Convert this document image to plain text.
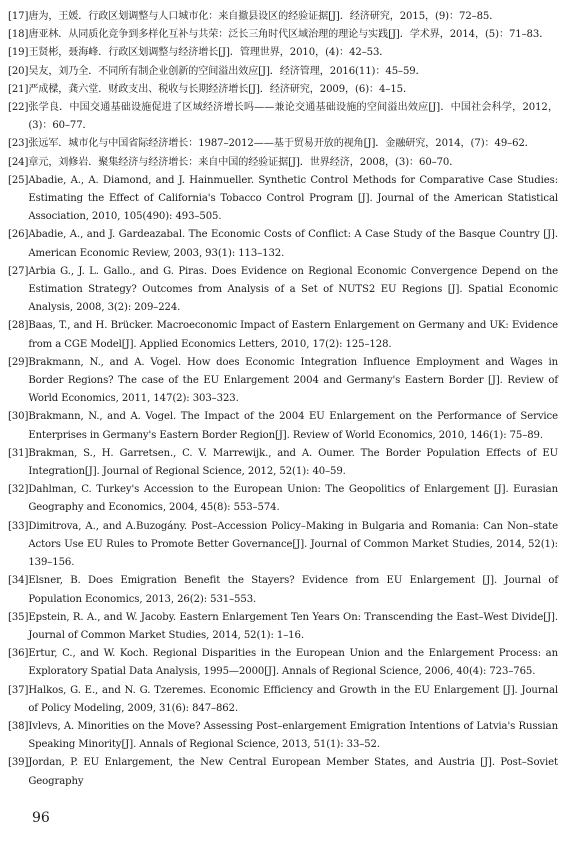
[17] 唐为，王媛．行政区划调整与人口城市化：来自撤县设区的经验证据[J]．经济研究，2015，(9)：72–85．
[18] 唐亚林．从同质化竞争到多样化互补与共荣：泛长三角时代区域治理的理论与实践[J]．学术界，2014，(5)：71–83．
[19] 王贤彬，聂海峰．行政区划调整与经济增长[J]．管理世界，2010，(4)：42–53．
[20] 吴友，刘乃全．不同所有制企业创新的空间溢出效应[J]．经济管理，2016(11)：45–59．
[21] 严成樑，龚六堂．财政支出、税收与长期经济增长[J]．经济研究，2009，(6)：4–15．
[22] 张学良．中国交通基础设施促进了区域经济增长吗——兼论交通基础设施的空间溢出效应[J]．中国社会科学，2012，(3)：60–77．
[23] 张远军．城市化与中国省际经济增长：1987–2012——基于贸易开放的视角[J]．金融研究，2014，(7)：49–62．
[24] 章元，刘修岩．聚集经济与经济增长：来自中国的经验证据[J]．世界经济，2008，(3)：60–70．
[25] Abadie, A., A. Diamond, and J. Hainmueller. Synthetic Control Methods for Comparative Case Studies: Estimating the Effect of California's Tobacco Control Program [J]. Journal of the American Statistical Association, 2010, 105(490): 493–505.
[26] Abadie, A., and J. Gardeazabal. The Economic Costs of Conflict: A Case Study of the Basque Country [J]. American Economic Review, 2003, 93(1): 113–132.
[27] Arbia G., J. L. Gallo., and G. Piras. Does Evidence on Regional Economic Convergence Depend on the Estimation Strategy? Outcomes from Analysis of a Set of NUTS2 EU Regions [J]. Spatial Economic Analysis, 2008, 3(2): 209–224.
[28] Baas, T., and H. Brücker. Macroeconomic Impact of Eastern Enlargement on Germany and UK: Evidence from a CGE Model[J]. Applied Economics Letters, 2010, 17(2): 125–128.
[29] Brakmann, N., and A. Vogel. How does Economic Integration Influence Employment and Wages in Border Regions? The case of the EU Enlargement 2004 and Germany's Eastern Border [J]. Review of World Economics, 2011, 147(2): 303–323.
[30] Brakmann, N., and A. Vogel. The Impact of the 2004 EU Enlargement on the Performance of Service Enterprises in Germany's Eastern Border Region[J]. Review of World Economics, 2010, 146(1): 75–89.
[31] Brakman, S., H. Garretsen., C. V. Marrewijk., and A. Oumer. The Border Population Effects of EU Integration[J]. Journal of Regional Science, 2012, 52(1): 40–59.
[32] Dahlman, C. Turkey's Accession to the European Union: The Geopolitics of Enlargement [J]. Eurasian Geography and Economics, 2004, 45(8): 553–574.
[33] Dimitrova, A., and A.Buzogány. Post–Accession Policy–Making in Bulgaria and Romania: Can Non–state Actors Use EU Rules to Promote Better Governance[J]. Journal of Common Market Studies, 2014, 52(1): 139–156.
[34] Elsner, B. Does Emigration Benefit the Stayers? Evidence from EU Enlargement [J]. Journal of Population Economics, 2013, 26(2): 531–553.
[35] Epstein, R. A., and W. Jacoby. Eastern Enlargement Ten Years On: Transcending the East–West Divide[J]. Journal of Common Market Studies, 2014, 52(1): 1–16.
[36] Ertur, C., and W. Koch. Regional Disparities in the European Union and the Enlargement Process: an Exploratory Spatial Data Analysis, 1995—2000[J]. Annals of Regional Science, 2006, 40(4): 723–765.
[37] Halkos, G. E., and N. G. Tzeremes. Economic Efficiency and Growth in the EU Enlargement [J]. Journal of Policy Modeling, 2009, 31(6): 847–862.
[38] Ivlevs, A. Minorities on the Move? Assessing Post–enlargement Emigration Intentions of Latvia's Russian Speaking Minority[J]. Annals of Regional Science, 2013, 51(1): 33–52.
[39] Jordan, P. EU Enlargement, the New Central European Member States, and Austria [J]. Post–Soviet Geography
96
